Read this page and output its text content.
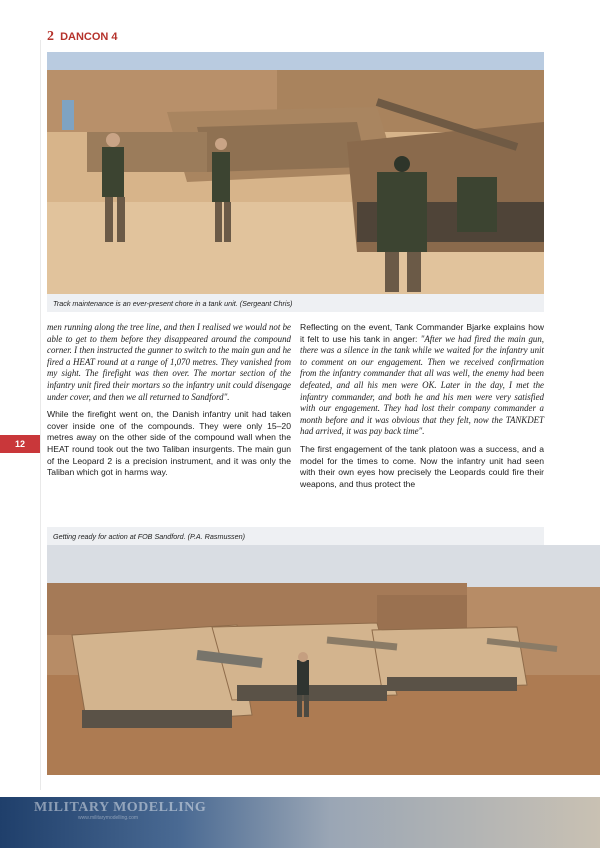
2 DANCON 4
Track maintenance is an ever-present chore in a tank unit. (Sergeant Chris)

men running along the tree line, and then I realised we would not be able to get to them before they disappeared around the compound corner. I then instructed the gunner to switch to the main gun and he fired a HEAT round at a range of 1,070 metres. They vanished from my sight. The firefight was then over. The mortar section of the infantry unit fired their mortars so the infantry unit could disengage under cover, and then we all returned to Sandford".

While the firefight went on, the Danish infantry unit had taken cover inside one of the compounds. They were only 15–20 metres away on the other side of the compound wall when the HEAT round took out the two Taliban insurgents. The main gun of the Leopard 2 is a precision instrument, and it was only the Taliban which got in harms way.

12

Reflecting on the event, Tank Commander Bjarke explains how it felt to use his tank in anger: "After we had fired the main gun, there was a silence in the tank while we waited for the infantry unit to comment on our engagement. Then we received confirmation from the infantry commander that all was well, the enemy had been defeated, and all his men were OK. Later in the day, I met the infantry commander, and both he and his men were very satisfied with our engagement. They had lost their company commander a month before and it was obvious that they felt, now the TANKDET had arrived, it was pay back time".

The first engagement of the tank platoon was a success, and a model for the times to come. Now the infantry unit had seen with their own eyes how precisely the Leopards could fire their weapons, and thus protect the

Getting ready for action at FOB Sandford. (P.A. Rasmussen)
MILITARY MODELLING
www.militarymodelling.com
